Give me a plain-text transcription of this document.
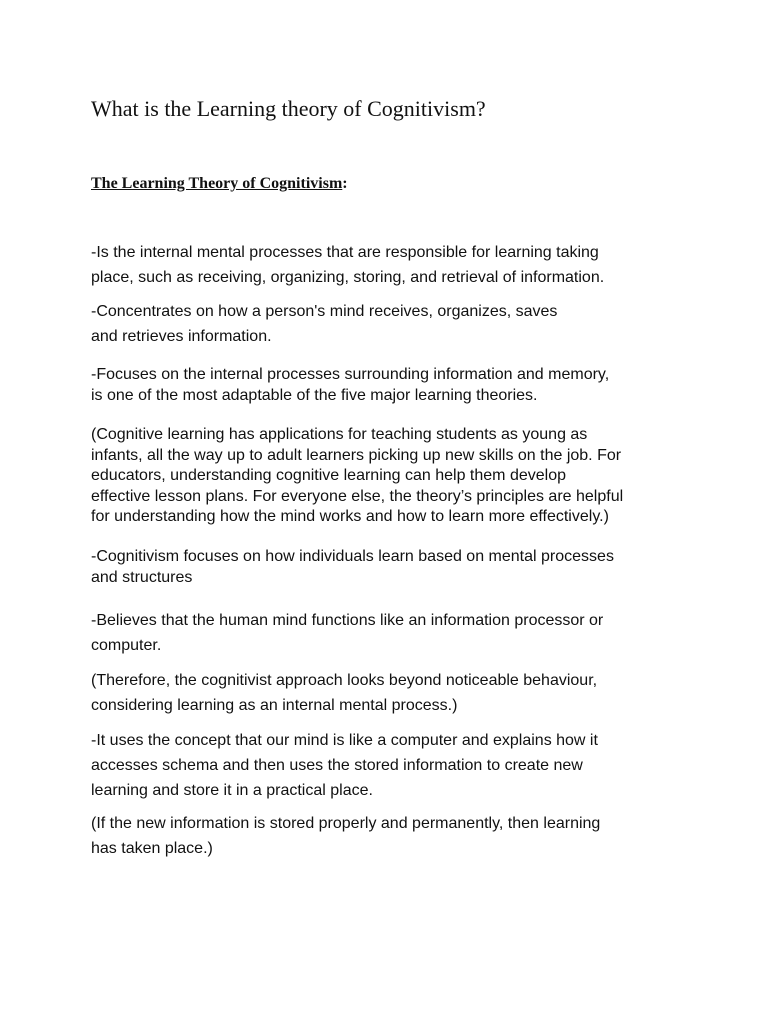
What is the Learning theory of Cognitivism?
The Learning Theory of Cognitivism:

-Is the internal mental processes that are responsible for learning taking
place, such as receiving, organizing, storing, and retrieval of information.

-Concentrates on how a person's mind receives, organizes, saves
and retrieves information.

-Focuses on the internal processes surrounding information and memory,
is one of the most adaptable of the five major learning theories.

(Cognitive learning has applications for teaching students as young as
infants, all the way up to adult learners picking up new skills on the job. For
educators, understanding cognitive learning can help them develop
effective lesson plans. For everyone else, the theory’s principles are helpful
for understanding how the mind works and how to learn more effectively.)

-Cognitivism focuses on how individuals learn based on mental processes
and structures

-Believes that the human mind functions like an information processor or
computer.

(Therefore, the cognitivist approach looks beyond noticeable behaviour,
considering learning as an internal mental process.)

-It uses the concept that our mind is like a computer and explains how it
accesses schema and then uses the stored information to create new
learning and store it in a practical place.

(If the new information is stored properly and permanently, then learning
has taken place.)
